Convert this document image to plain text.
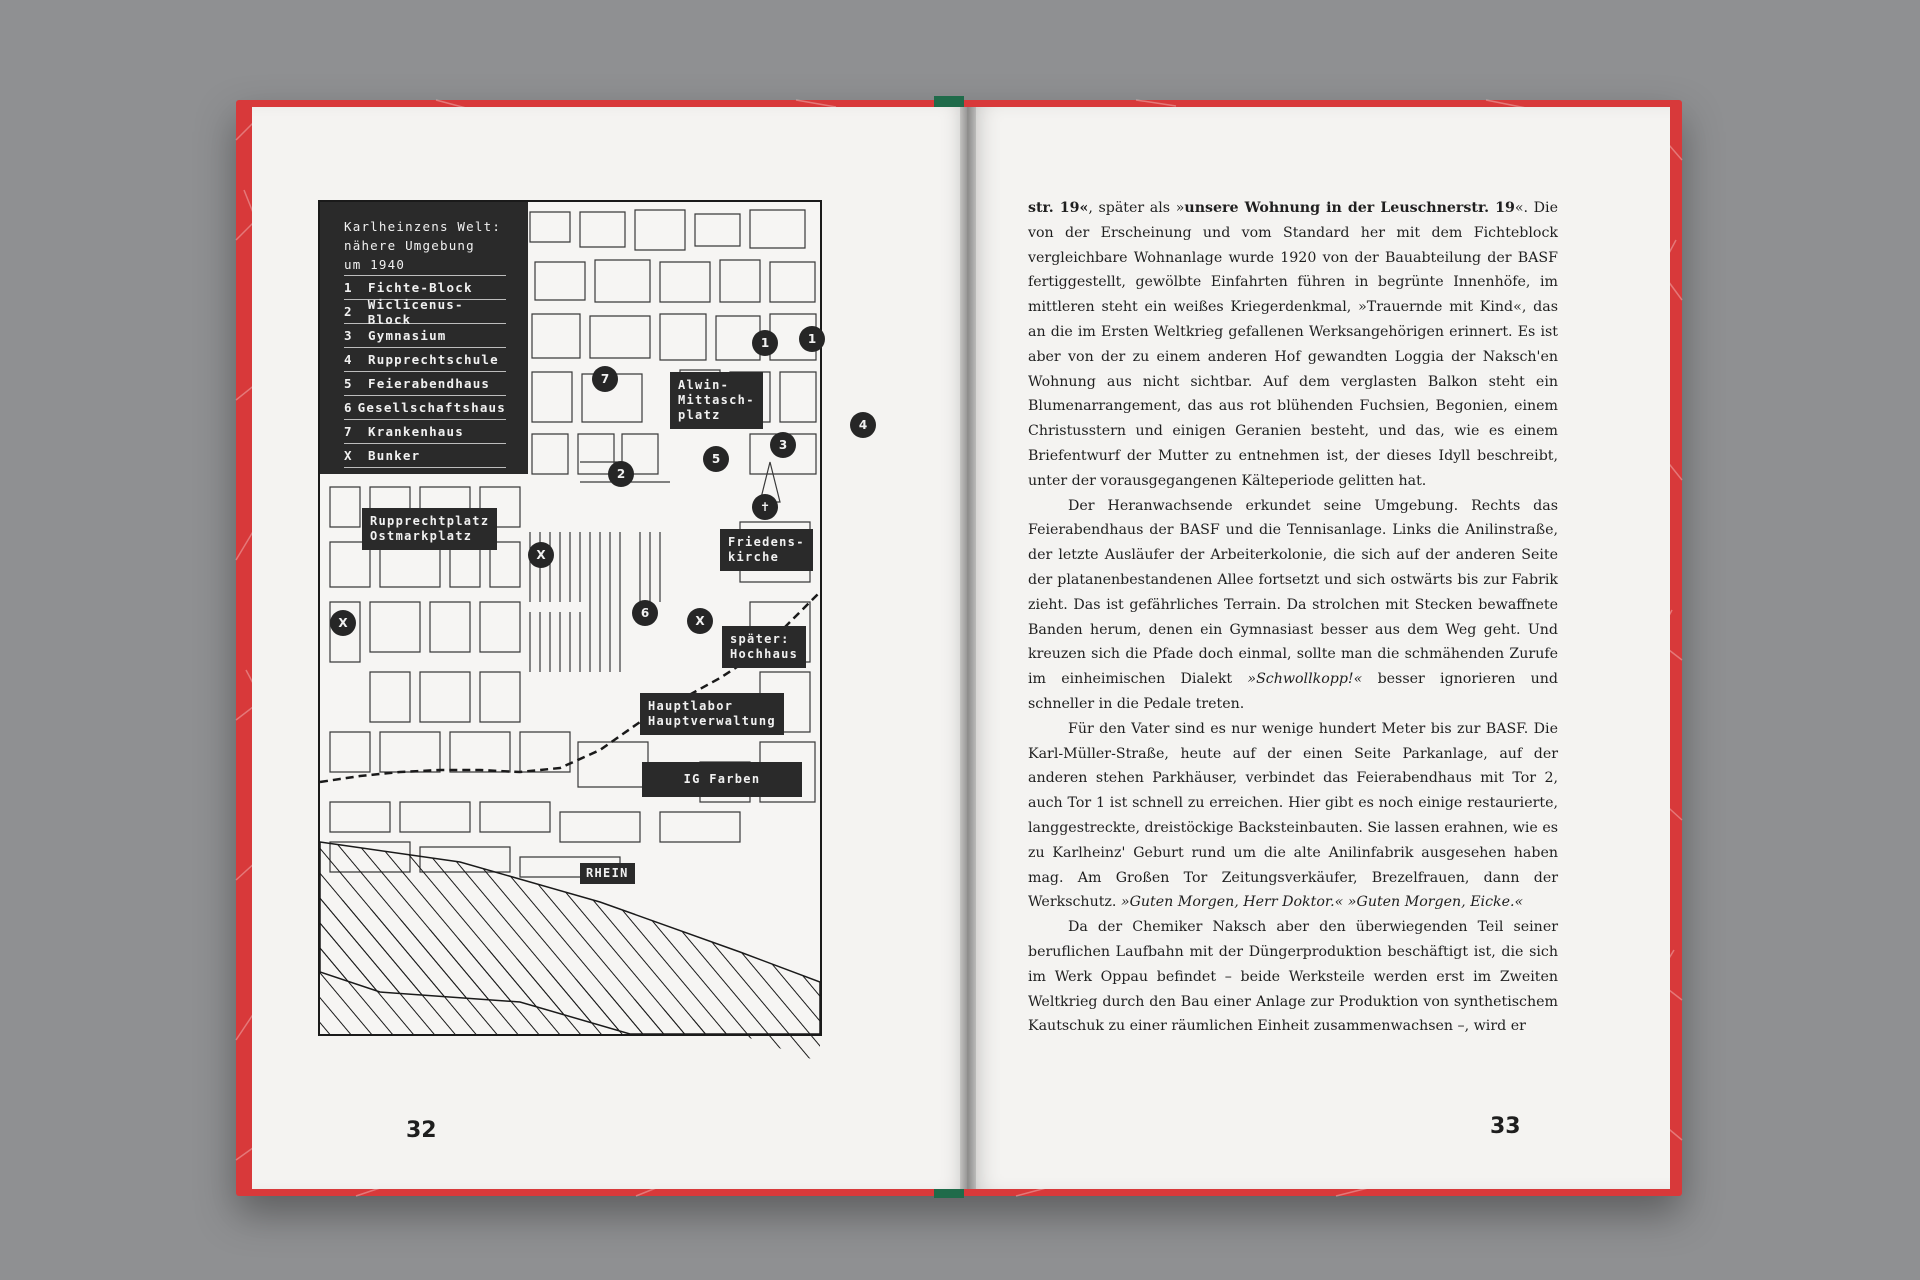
Karlheinzens Welt:
nähere Umgebung
um 1940
1	Fichte-Block
2	Wiclicenus-Block
3	Gymnasium
4	Rupprechtschule
5	Feierabendhaus
6 Gesellschaftshaus
7	Krankenhaus
X	Bunker
Alwin-
Mittasch-
platz
Rupprechtplatz
Ostmarkplatz	Friedens-
kirche
später:
Hochhaus
Hauptlabor
Hauptverwaltung
IG Farben
RHEIN
1	1
7
3
4
5
2
6
✝
X
X	X
32	33

str. 19«, später als »unsere Wohnung in der Leuschnerstr. 19«. Die von der Erscheinung und vom Standard her mit dem Fichteblock vergleichbare Wohnanlage wurde 1920 von der Bauabteilung der BASF fertiggestellt, gewölbte Einfahrten führen in begrünte Innenhöfe, im mittleren steht ein weißes Kriegerdenkmal, »Trauernde mit Kind«, das an die im Ersten Weltkrieg gefallenen Werksangehörigen erinnert. Es ist aber von der zu einem anderen Hof gewandten Loggia der Naksch'en Wohnung aus nicht sichtbar. Auf dem verglasten Balkon steht ein Blumenarrangement, das aus rot blühenden Fuchsien, Begonien, einem Christusstern und einigen Geranien besteht, und das, wie es einem Briefentwurf der Mutter zu entnehmen ist, der dieses Idyll beschreibt, unter der vorausgegangenen Kälteperiode gelitten hat.

Der Heranwachsende erkundet seine Umgebung. Rechts das Feierabendhaus der BASF und die Tennisanlage. Links die Anilinstraße, der letzte Ausläufer der Arbeiterkolonie, die sich auf der anderen Seite der platanenbestandenen Allee fortsetzt und sich ostwärts bis zur Fabrik zieht. Das ist gefährliches Terrain. Da strolchen mit Stecken bewaffnete Banden herum, denen ein Gymnasiast besser aus dem Weg geht. Und kreuzen sich die Pfade doch einmal, sollte man die schmähenden Zurufe im einheimischen Dialekt »Schwollkopp!« besser ignorieren und schneller in die Pedale treten.

Für den Vater sind es nur wenige hundert Meter bis zur BASF. Die Karl-Müller-Straße, heute auf der einen Seite Parkanlage, auf der anderen stehen Parkhäuser, verbindet das Feierabendhaus mit Tor 2, auch Tor 1 ist schnell zu erreichen. Hier gibt es noch einige restaurierte, langgestreckte, dreistöckige Backsteinbauten. Sie lassen erahnen, wie es zu Karlheinz' Geburt rund um die alte Anilinfabrik ausgesehen haben mag. Am Großen Tor Zeitungsverkäufer, Brezelfrauen, dann der Werkschutz. »Guten Morgen, Herr Doktor.« »Guten Morgen, Eicke.«

Da der Chemiker Naksch aber den überwiegenden Teil seiner beruflichen Laufbahn mit der Düngerproduktion beschäftigt ist, die sich im Werk Oppau befindet – beide Werksteile werden erst im Zweiten Weltkrieg durch den Bau einer Anlage zur Produktion von synthetischem Kautschuk zu einer räumlichen Einheit zusammenwachsen –, wird er
